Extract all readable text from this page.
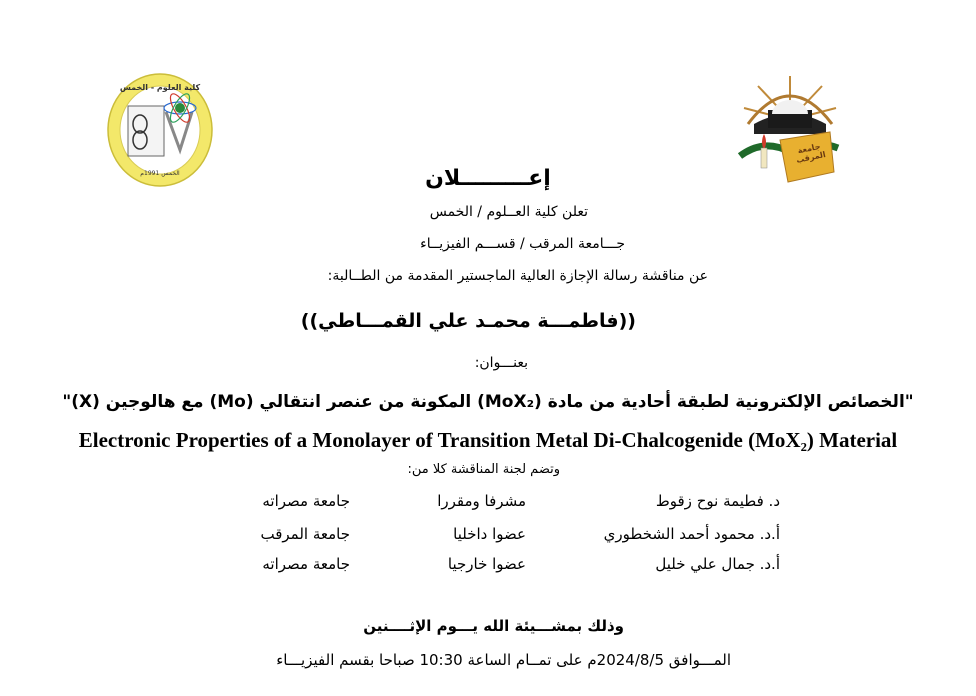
كلية العلوم - الخمس
الخمس 1991م
جامعة المرقب
إعـــــــــلان
تعلن كلية العــلوم / الخمس
جـــامعة المرقب / قســـم الفيزيــاء
عن مناقشة رسالة الإجازة العالية الماجستير المقدمة من الطــالبة:
((فاطمـــة محمـد علي القمـــاطي))
بعنـــوان:
"الخصائص الإلكترونية لطبقة أحادية من مادة (MoX₂) المكونة من عنصر انتقالي (Mo) مع هالوجين (X)"
Electronic Properties of a Monolayer of Transition Metal Di-Chalcogenide (MoX₂) Material
وتضم لجنة المناقشة كلا من:
د. فطيمة نوح زقوط
مشرفا ومقررا
جامعة مصراته
أ.د. محمود أحمد الشخطوري
عضوا داخليا
جامعة المرقب
أ.د. جمال علي خليل
عضوا خارجيا
جامعة مصراته
وذلك بمشـــيئة الله يـــوم الإثــــنين
المـــوافق 2024/8/5م على تمــام الساعة 10:30 صباحا بقسم الفيزيـــاء
